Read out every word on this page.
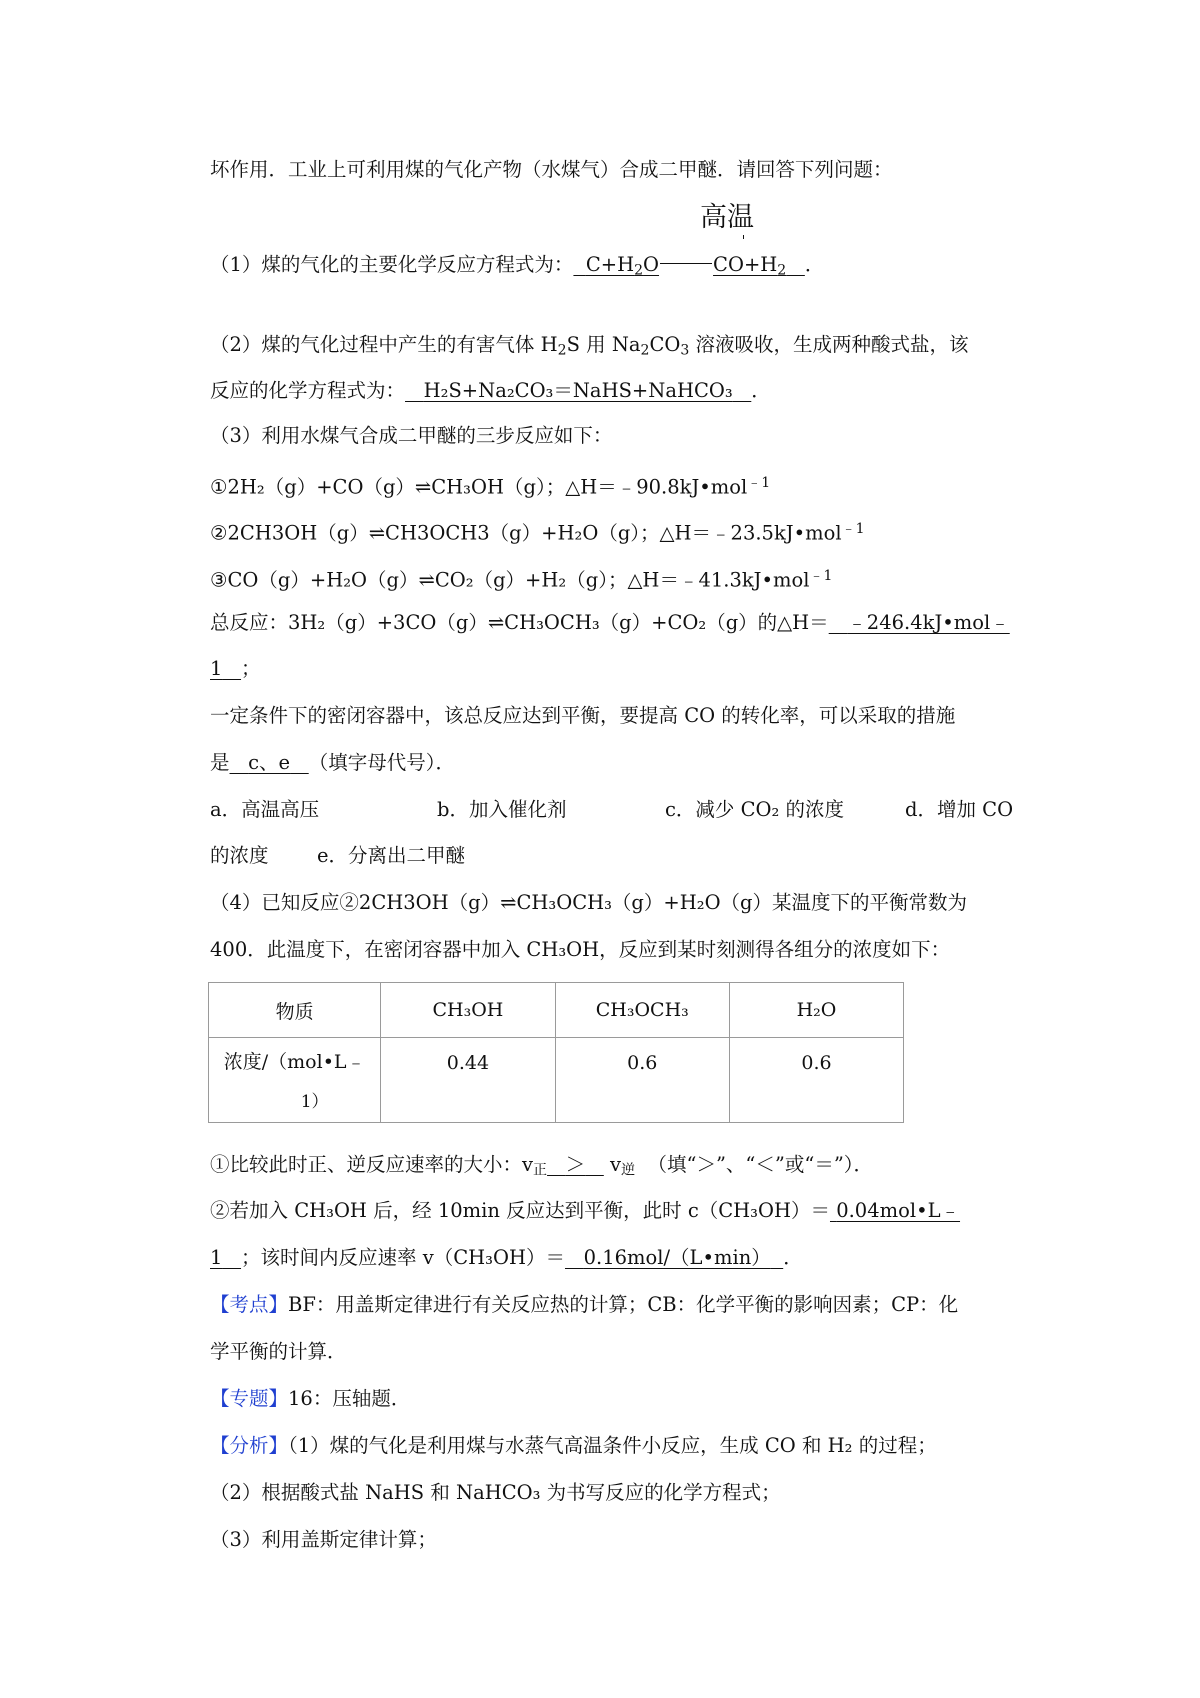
坏作用．工业上可利用煤的气化产物（水煤气）合成二甲醚．请回答下列问题：
高温
（1）煤的气化的主要化学反应方程式为： $C+H_2O$	$CO+H_2$ ．
（2）煤的气化过程中产生的有害气体 $H_2S$ 用 $Na_2CO_3$ 溶液吸收，生成两种酸式盐，该
反应的化学方程式为： H₂S+Na₂CO₃＝NaHS+NaHCO₃ ．
（3）利用水煤气合成二甲醚的三步反应如下：
①2H₂（g）+CO（g）⇌CH₃OH（g）；△H＝﹣90.8kJ•mol$^{﹣1}$
②2CH3OH（g）⇌CH3OCH3（g）+H₂O（g）；△H＝﹣23.5kJ•mol$^{﹣1}$
③CO（g）+H₂O（g）⇌CO₂（g）+H₂（g）；△H＝﹣41.3kJ•mol$^{﹣1}$
总反应：3H₂（g）+3CO（g）⇌CH₃OCH₃（g）+CO₂（g）的△H＝ ﹣246.4kJ•mol﹣
1 ；
一定条件下的密闭容器中，该总反应达到平衡，要提高 CO 的转化率，可以采取的措施
是 c、e （填字母代号）．
a．高温高压	b．加入催化剂	c．减少 CO₂ 的浓度	d．增加 CO
的浓度 e．分离出二甲醚
（4）已知反应②2CH3OH（g）⇌CH₃OCH₃（g）+H₂O（g）某温度下的平衡常数为
400．此温度下，在密闭容器中加入 CH₃OH，反应到某时刻测得各组分的浓度如下：
物质	CH₃OH	CH₃OCH₃	H₂O

浓度/（mol•L﹣
1）	0.44	0.6	0.6
①比较此时正、逆反应速率的大小：$v_正 > v_逆$ （填“＞”、“＜”或“＝”）．
②若加入 CH₃OH 后，经 10min 反应达到平衡，此时 c（CH₃OH）＝ 0.04mol•L﹣
1 ；该时间内反应速率 v（CH₃OH）＝ 0.16mol/（L•min） ．
【考点】BF：用盖斯定律进行有关反应热的计算；CB：化学平衡的影响因素；CP：化
学平衡的计算．
【专题】16：压轴题．
【分析】（1）煤的气化是利用煤与水蒸气高温条件小反应，生成 CO 和 H₂ 的过程；
（2）根据酸式盐 NaHS 和 NaHCO₃ 为书写反应的化学方程式；
（3）利用盖斯定律计算；
